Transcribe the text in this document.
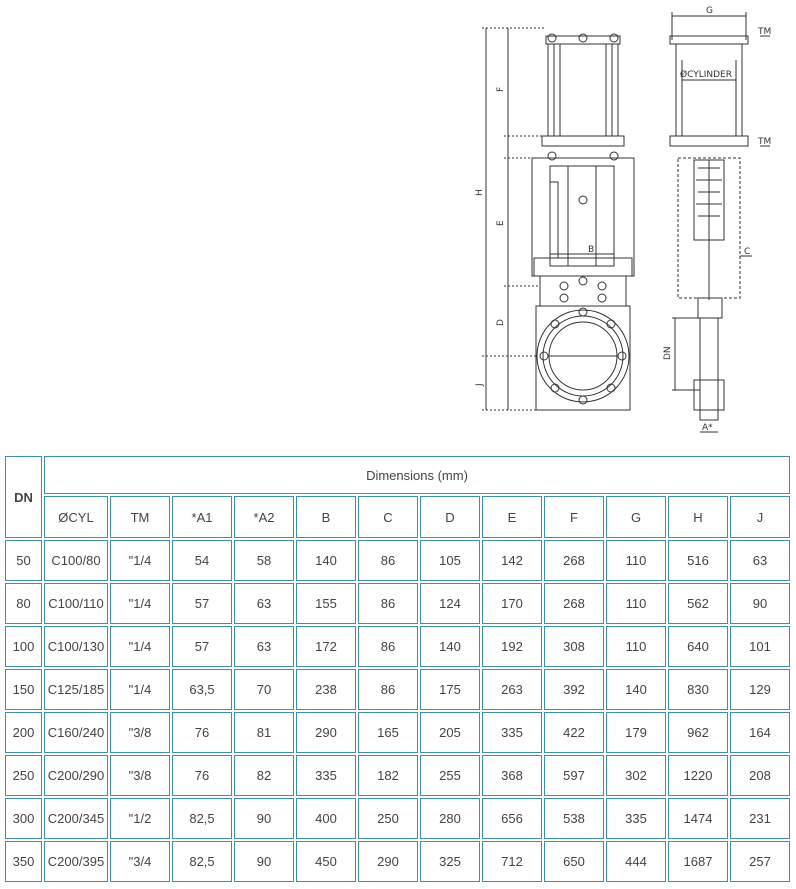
G
TM
ØCYLINDER
TM
F
H
E
B	C
D
J
DN
A*
DN	Dimensions (mm)											
	ØCYL	TM	*A1	*A2	B	C	D	E	F	G	H	J
50	C100/80	"1/4	54	58	140	86	105	142	268	110	516	63
80	C100/110	"1/4	57	63	155	86	124	170	268	110	562	90
100	C100/130	"1/4	57	63	172	86	140	192	308	110	640	101
150	C125/185	"1/4	63,5	70	238	86	175	263	392	140	830	129
200	C160/240	"3/8	76	81	290	165	205	335	422	179	962	164
250	C200/290	"3/8	76	82	335	182	255	368	597	302	1220	208
300	C200/345	"1/2	82,5	90	400	250	280	656	538	335	1474	231
350	C200/395	"3/4	82,5	90	450	290	325	712	650	444	1687	257
